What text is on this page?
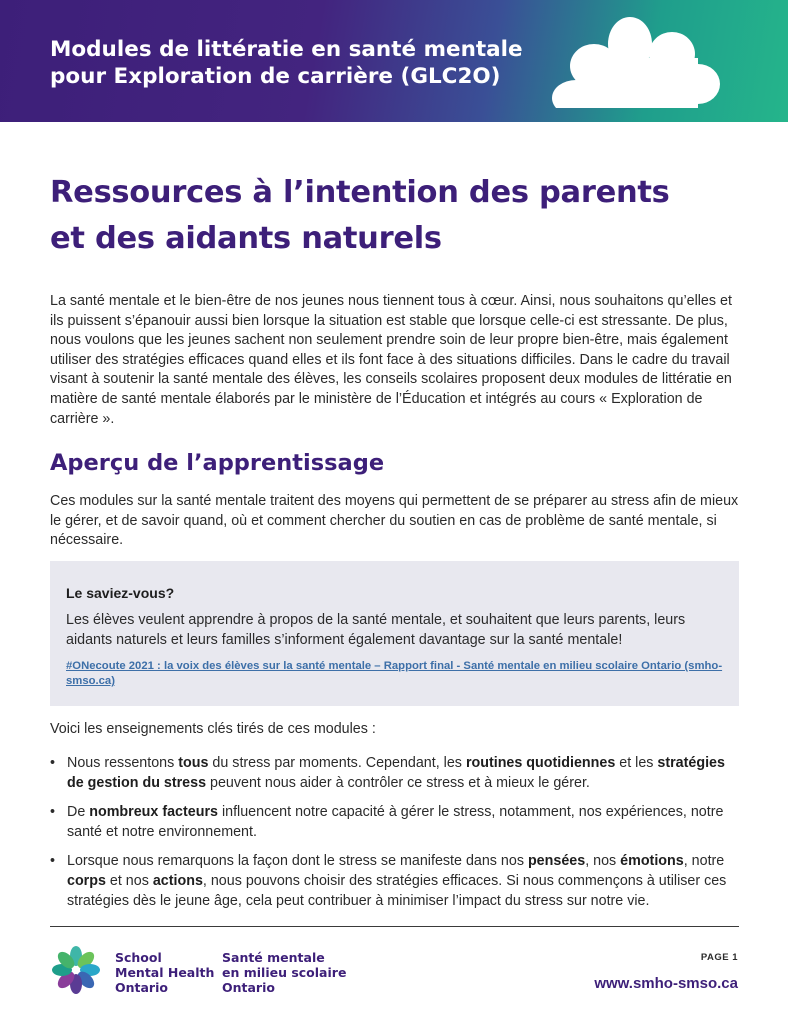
Modules de littératie en santé mentale
pour Exploration de carrière (GLC2O)
Ressources à l’intention des parents
et des aidants naturels

La santé mentale et le bien-être de nos jeunes nous tiennent tous à cœur. Ainsi, nous souhaitons qu’elles et ils puissent s’épanouir aussi bien lorsque la situation est stable que lorsque celle-ci est stressante. De plus, nous voulons que les jeunes sachent non seulement prendre soin de leur propre bien-être, mais également utiliser des stratégies efficaces quand elles et ils font face à des situations difficiles. Dans le cadre du travail visant à soutenir la santé mentale des élèves, les conseils scolaires proposent deux modules de littératie en matière de santé mentale élaborés par le ministère de l’Éducation et intégrés au cours « Exploration de carrière ».

Aperçu de l’apprentissage

Ces modules sur la santé mentale traitent des moyens qui permettent de se préparer au stress afin de mieux le gérer, et de savoir quand, où et comment chercher du soutien en cas de problème de santé mentale, si nécessaire.

Le saviez-vous?

Les élèves veulent apprendre à propos de la santé mentale, et souhaitent que leurs parents, leurs aidants naturels et leurs familles s’informent également davantage sur la santé mentale!

#ONecoute 2021 : la voix des élèves sur la santé mentale – Rapport final - Santé mentale en milieu scolaire Ontario (smho-smso.ca)

Voici les enseignements clés tirés de ces modules :

• Nous ressentons tous du stress par moments. Cependant, les routines quotidiennes et les stratégies de gestion du stress peuvent nous aider à contrôler ce stress et à mieux le gérer.
• De nombreux facteurs influencent notre capacité à gérer le stress, notamment, nos expériences, notre santé et notre environnement.
• Lorsque nous remarquons la façon dont le stress se manifeste dans nos pensées, nos émotions, notre corps et nos actions, nous pouvons choisir des stratégies efficaces. Si nous commençons à utiliser ces stratégies dès le jeune âge, cela peut contribuer à minimiser l’impact du stress sur notre vie.
School
Mental Health
Ontario
Santé mentale
en milieu scolaire
Ontario
PAGE 1
www.smho-smso.ca
